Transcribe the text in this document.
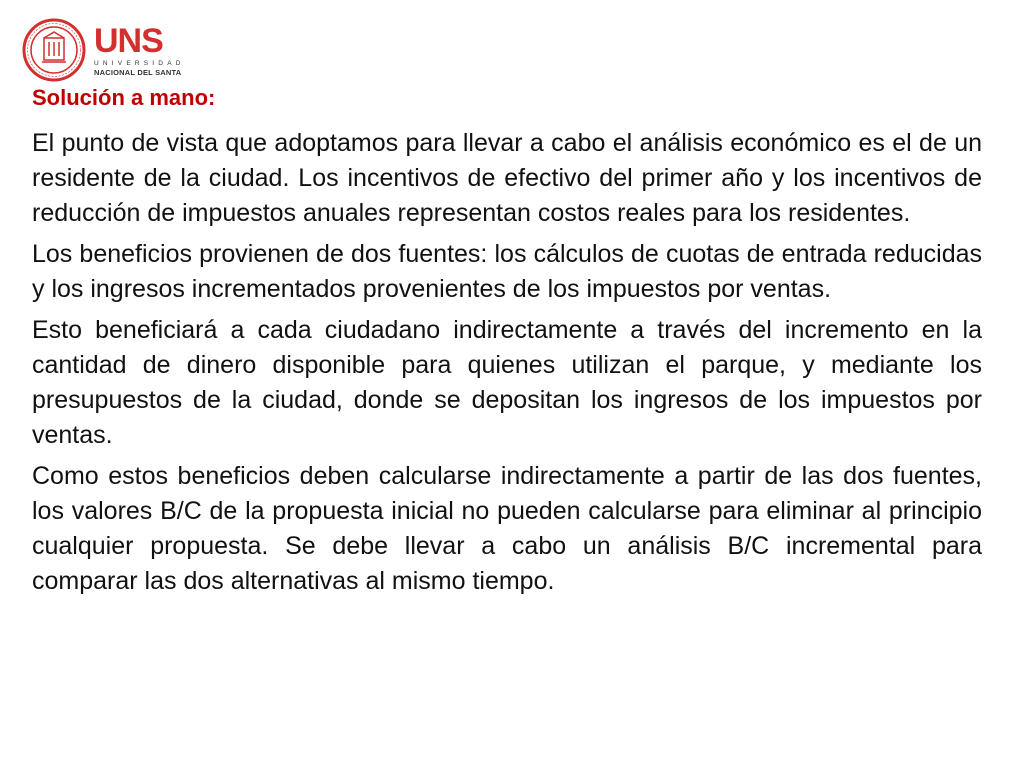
UNS
UNIVERSIDAD
NACIONAL DEL SANTA
Solución a mano:

El punto de vista que adoptamos para llevar a cabo el análisis económico es el de un residente de la ciudad. Los incentivos de efectivo del primer año y los incentivos de reducción de impuestos anuales representan costos reales para los residentes.

Los beneficios provienen de dos fuentes: los cálculos de cuotas de entrada reducidas y los ingresos incrementados provenientes de los impuestos por ventas.

Esto beneficiará a cada ciudadano indirectamente a través del incremento en la cantidad de dinero disponible para quienes utilizan el parque, y mediante los presupuestos de la ciudad, donde se depositan los ingresos de los impuestos por ventas.

Como estos beneficios deben calcularse indirectamente a partir de las dos fuentes, los valores B/C de la propuesta inicial no pueden calcularse para eliminar al principio cualquier propuesta. Se debe llevar a cabo un análisis B/C incremental para comparar las dos alternativas al mismo tiempo.
